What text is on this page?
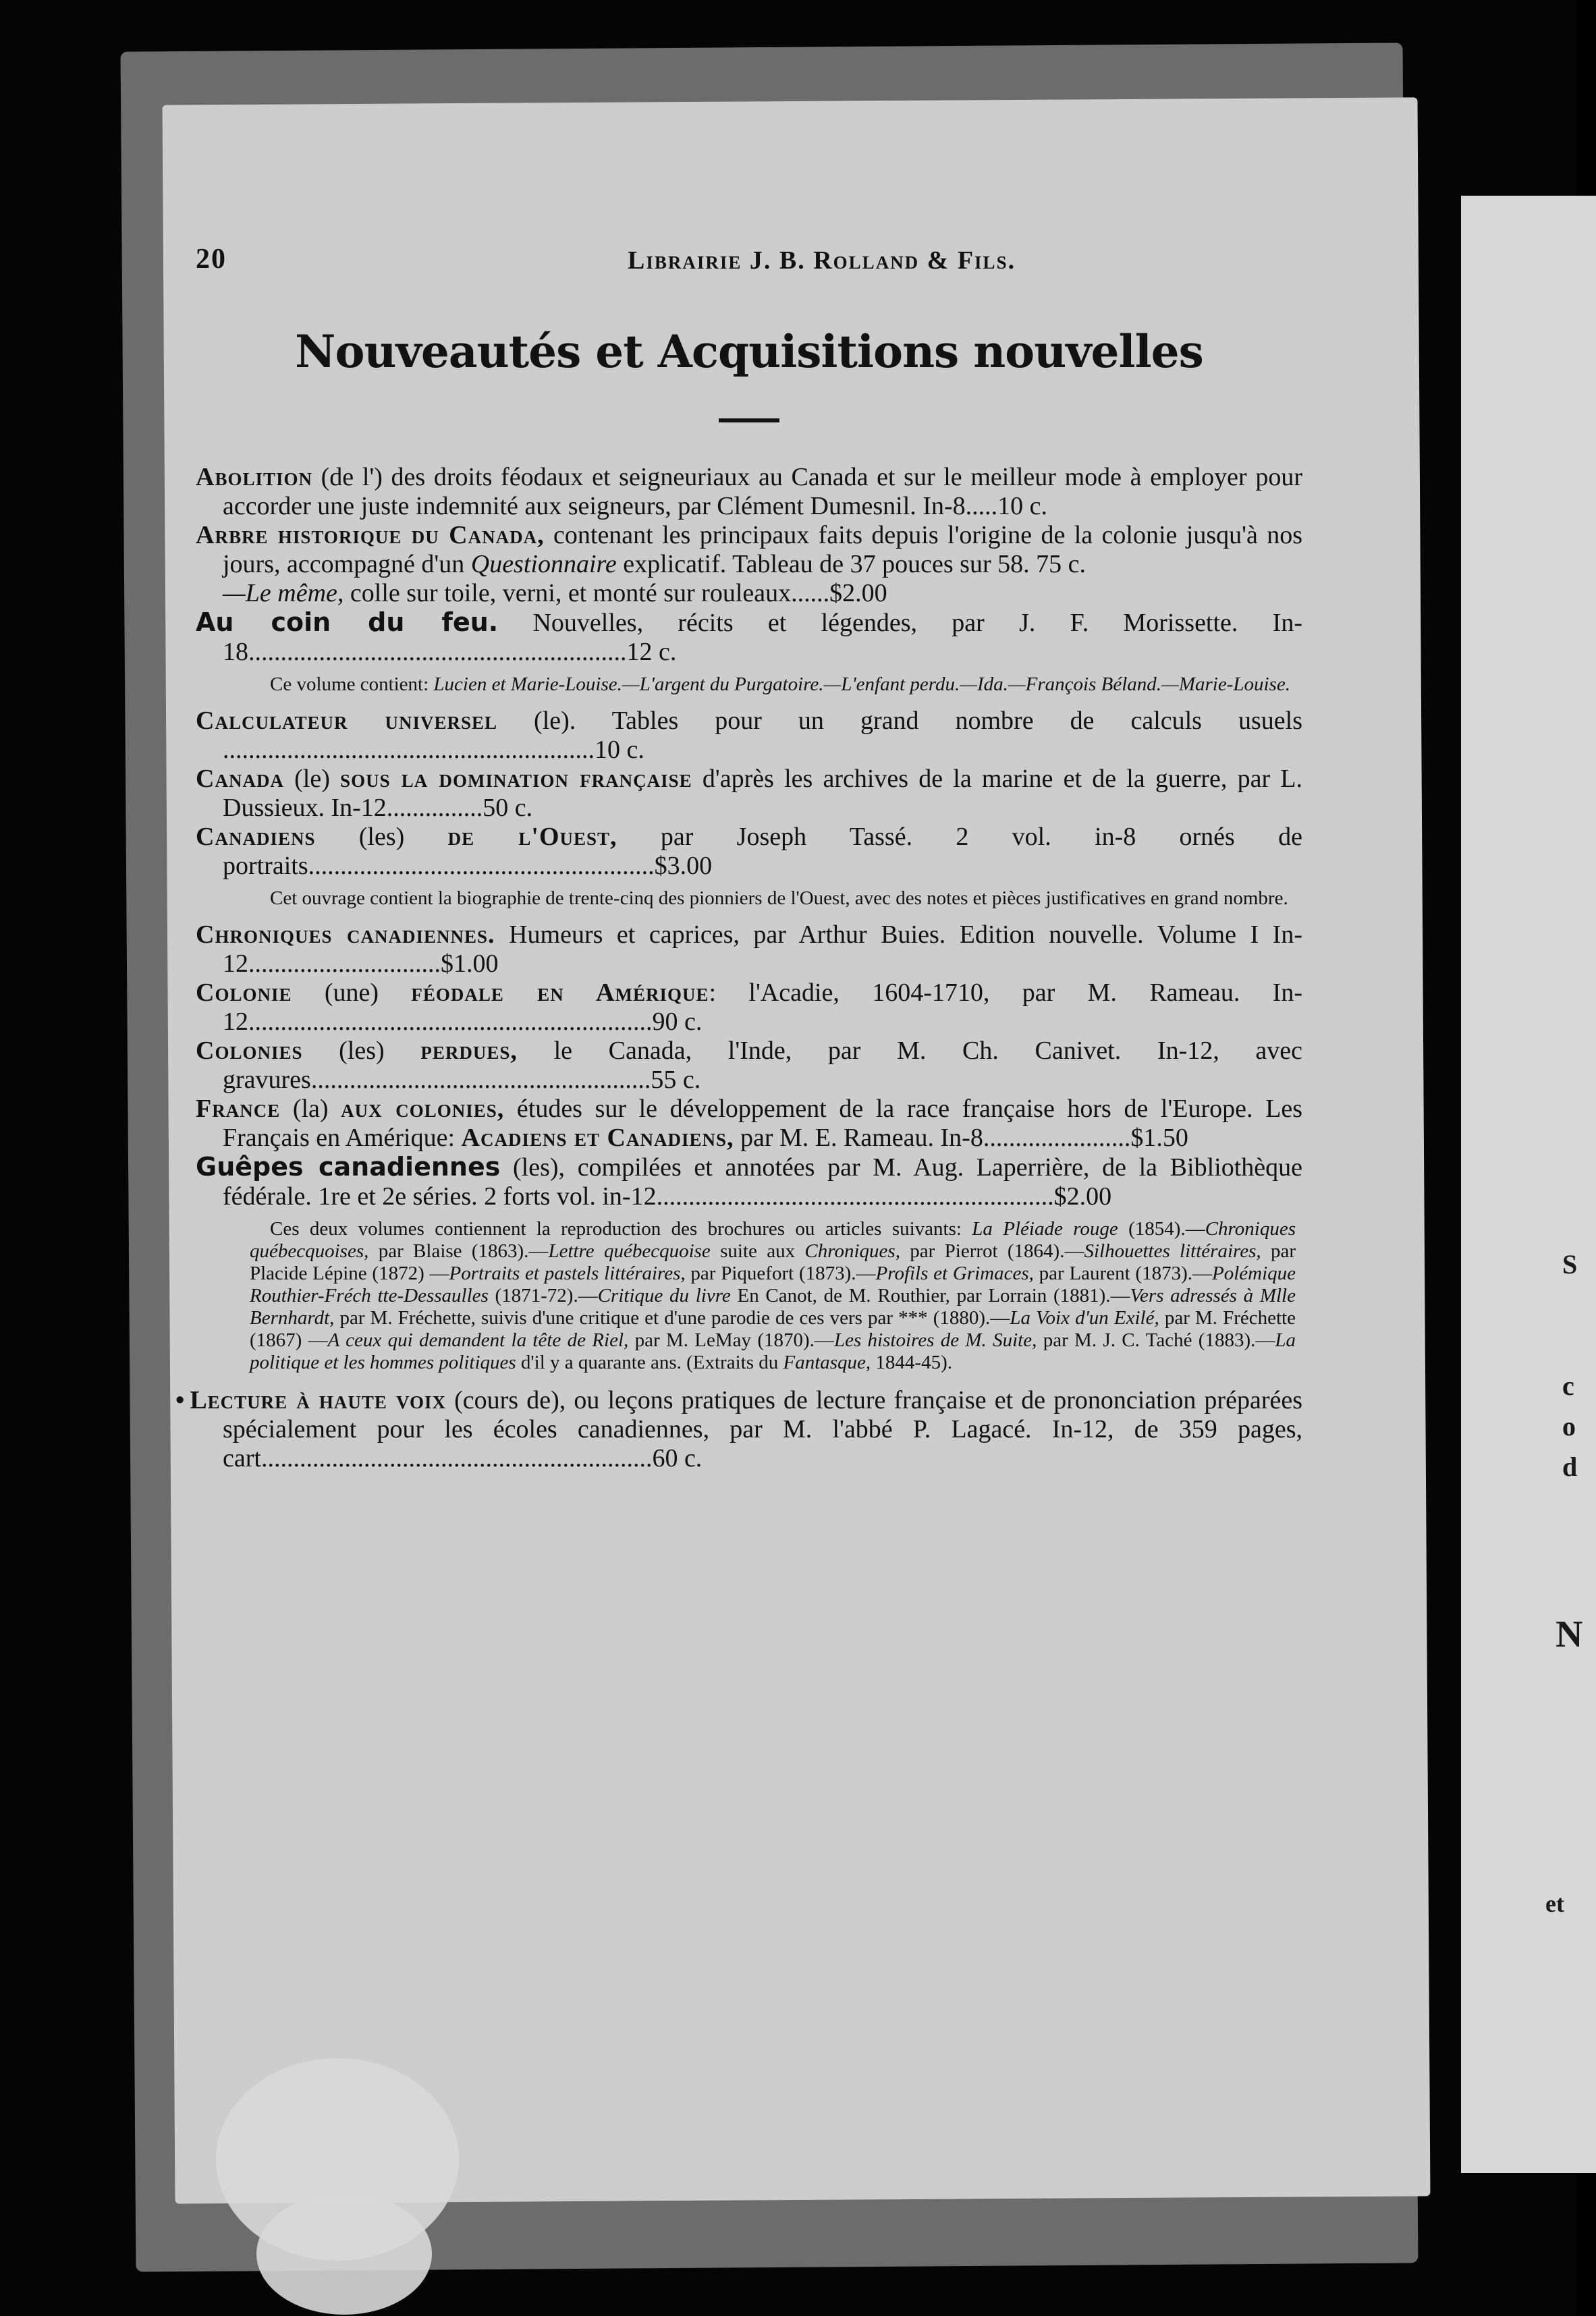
S
c
o
d
N
et
20	Librairie J. B. Rolland & Fils.
Nouveautés et Acquisitions nouvelles

Abolition (de l') des droits féodaux et seigneuriaux au Canada et sur le meilleur mode à employer pour accorder une juste indemnité aux seigneurs, par Clément Dumesnil. In-8.....10 c.

Arbre historique du Canada, contenant les principaux faits depuis l'origine de la colonie jusqu'à nos jours, accompagné d'un Questionnaire explicatif. Tableau de 37 pouces sur 58. 75 c.
—Le même, colle sur toile, verni, et monté sur rouleaux......$2.00

Au coin du feu. Nouvelles, récits et légendes, par J. F. Morissette. In-18...........................................................12 c.

Ce volume contient: Lucien et Marie-Louise.—L'argent du Purgatoire.—L'enfant perdu.—Ida.—François Béland.—Marie-Louise.

Calculateur universel (le). Tables pour un grand nombre de calculs usuels ..........................................................10 c.

Canada (le) sous la domination française d'après les archives de la marine et de la guerre, par L. Dussieux. In-12...............50 c.

Canadiens (les) de l'Ouest, par Joseph Tassé. 2 vol. in-8 ornés de portraits......................................................$3.00

Cet ouvrage contient la biographie de trente-cinq des pionniers de l'Ouest, avec des notes et pièces justificatives en grand nombre.

Chroniques canadiennes. Humeurs et caprices, par Arthur Buies. Edition nouvelle. Volume I In-12..............................$1.00

Colonie (une) féodale en Amérique: l'Acadie, 1604-1710, par M. Rameau. In-12...............................................................90 c.

Colonies (les) perdues, le Canada, l'Inde, par M. Ch. Canivet. In-12, avec gravures.....................................................55 c.

France (la) aux colonies, études sur le développement de la race française hors de l'Europe. Les Français en Amérique: Acadiens et Canadiens, par M. E. Rameau. In-8.......................$1.50

Guêpes canadiennes (les), compilées et annotées par M. Aug. Laperrière, de la Bibliothèque fédérale. 1re et 2e séries. 2 forts vol. in-12..............................................................$2.00

Ces deux volumes contiennent la reproduction des brochures ou articles suivants: La Pléiade rouge (1854).—Chroniques québecquoises, par Blaise (1863).—Lettre québecquoise suite aux Chroniques, par Pierrot (1864).—Silhouettes littéraires, par Placide Lépine (1872) —Portraits et pastels littéraires, par Piquefort (1873).—Profils et Grimaces, par Laurent (1873).—Polémique Routhier-Fréch tte-Dessaulles (1871-72).—Critique du livre En Canot, de M. Routhier, par Lorrain (1881).—Vers adressés à Mlle Bernhardt, par M. Fréchette, suivis d'une critique et d'une parodie de ces vers par *** (1880).—La Voix d'un Exilé, par M. Fréchette (1867) —A ceux qui demandent la tête de Riel, par M. LeMay (1870).—Les histoires de M. Suite, par M. J. C. Taché (1883).—La politique et les hommes politiques d'il y a quarante ans. (Extraits du Fantasque, 1844-45).

• Lecture à haute voix (cours de), ou leçons pratiques de lecture française et de prononciation préparées spécialement pour les écoles canadiennes, par M. l'abbé P. Lagacé. In-12, de 359 pages, cart.............................................................60 c.
